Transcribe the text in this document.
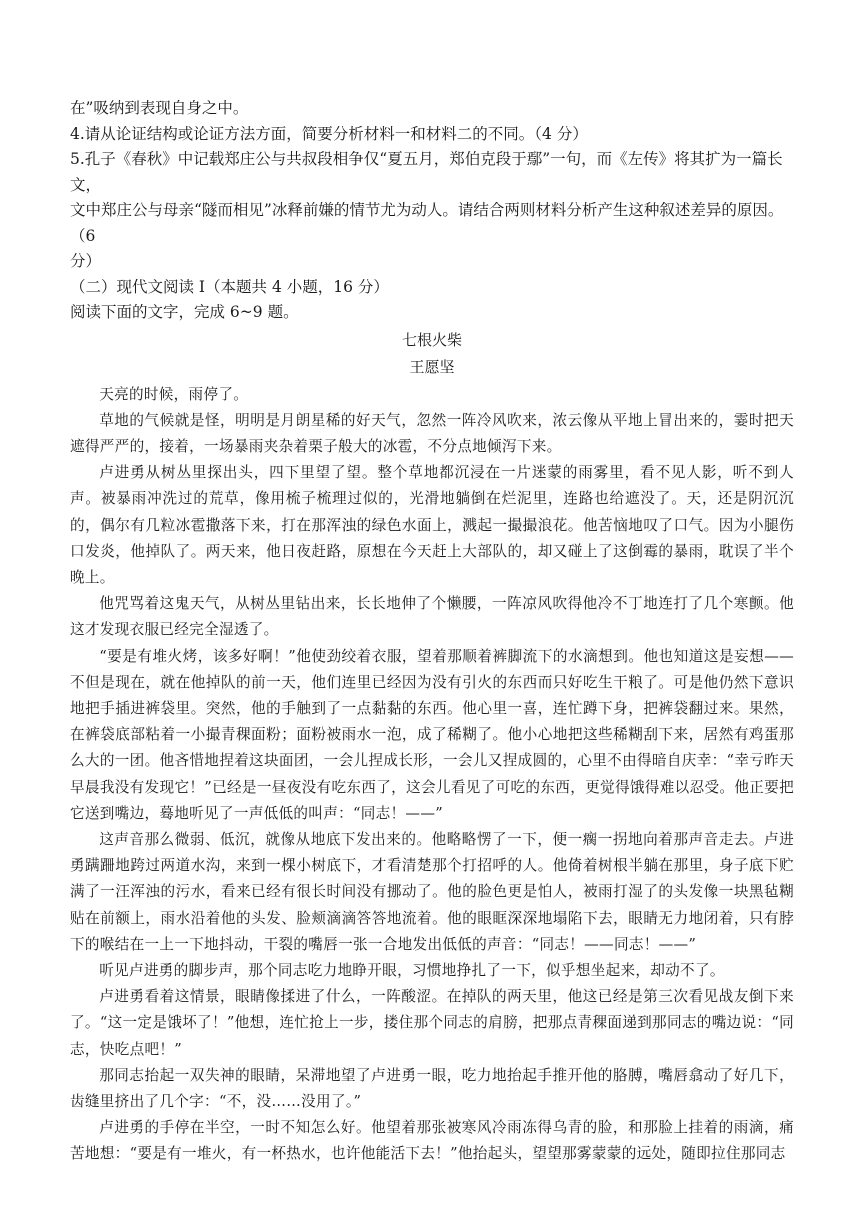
在”吸纳到表现自身之中。

4.请从论证结构或论证方法方面，简要分析材料一和材料二的不同。（4 分）

5.孔子《春秋》中记载郑庄公与共叔段相争仅“夏五月，郑伯克段于鄢”一句，而《左传》将其扩为一篇长文，

文中郑庄公与母亲“隧而相见”冰释前嫌的情节尤为动人。请结合两则材料分析产生这种叙述差异的原因。（6

分）

（二）现代文阅读 I（本题共 4 小题，16 分）

阅读下面的文字，完成 6~9 题。

七根火柴

王愿坚

天亮的时候，雨停了。

草地的气候就是怪，明明是月朗星稀的好天气，忽然一阵冷风吹来，浓云像从平地上冒出来的，霎时把天遮得严严的，接着，一场暴雨夹杂着栗子般大的冰雹，不分点地倾泻下来。

卢进勇从树丛里探出头，四下里望了望。整个草地都沉浸在一片迷蒙的雨雾里，看不见人影，听不到人声。被暴雨冲洗过的荒草，像用梳子梳理过似的，光滑地躺倒在烂泥里，连路也给遮没了。天，还是阴沉沉的，偶尔有几粒冰雹撒落下来，打在那浑浊的绿色水面上，溅起一撮撮浪花。他苦恼地叹了口气。因为小腿伤口发炎，他掉队了。两天来，他日夜赶路，原想在今天赶上大部队的，却又碰上了这倒霉的暴雨，耽误了半个晚上。

他咒骂着这鬼天气，从树丛里钻出来，长长地伸了个懒腰，一阵凉风吹得他冷不丁地连打了几个寒颤。他这才发现衣服已经完全湿透了。

“要是有堆火烤，该多好啊！”他使劲绞着衣服，望着那顺着裤脚流下的水滴想到。他也知道这是妄想——不但是现在，就在他掉队的前一天，他们连里已经因为没有引火的东西而只好吃生干粮了。可是他仍然下意识地把手插进裤袋里。突然，他的手触到了一点黏黏的东西。他心里一喜，连忙蹲下身，把裤袋翻过来。果然，在裤袋底部粘着一小撮青稞面粉；面粉被雨水一泡，成了稀糊了。他小心地把这些稀糊刮下来，居然有鸡蛋那么大的一团。他吝惜地捏着这块面团，一会儿捏成长形，一会儿又捏成圆的，心里不由得暗自庆幸：“幸亏昨天早晨我没有发现它！”已经是一昼夜没有吃东西了，这会儿看见了可吃的东西，更觉得饿得难以忍受。他正要把它送到嘴边，蓦地听见了一声低低的叫声：“同志！——”

这声音那么微弱、低沉，就像从地底下发出来的。他略略愣了一下，便一瘸一拐地向着那声音走去。卢进勇蹒跚地跨过两道水沟，来到一棵小树底下，才看清楚那个打招呼的人。他倚着树根半躺在那里，身子底下贮满了一汪浑浊的污水，看来已经有很长时间没有挪动了。他的脸色更是怕人，被雨打湿了的头发像一块黑毡糊贴在前额上，雨水沿着他的头发、脸颊滴滴答答地流着。他的眼眶深深地塌陷下去，眼睛无力地闭着，只有脖下的喉结在一上一下地抖动，干裂的嘴唇一张一合地发出低低的声音：“同志！——同志！——”

听见卢进勇的脚步声，那个同志吃力地睁开眼，习惯地挣扎了一下，似乎想坐起来，却动不了。

卢进勇看着这情景，眼睛像揉进了什么，一阵酸涩。在掉队的两天里，他这已经是第三次看见战友倒下来了。“这一定是饿坏了！”他想，连忙抢上一步，搂住那个同志的肩膀，把那点青稞面递到那同志的嘴边说：“同志，快吃点吧！”

那同志抬起一双失神的眼睛，呆滞地望了卢进勇一眼，吃力地抬起手推开他的胳膊，嘴唇翕动了好几下，齿缝里挤出了几个字：“不，没……没用了。”

卢进勇的手停在半空，一时不知怎么好。他望着那张被寒风冷雨冻得乌青的脸，和那脸上挂着的雨滴，痛苦地想：“要是有一堆火，有一杯热水，也许他能活下去！”他抬起头，望望那雾蒙蒙的远处，随即拉住那同志
